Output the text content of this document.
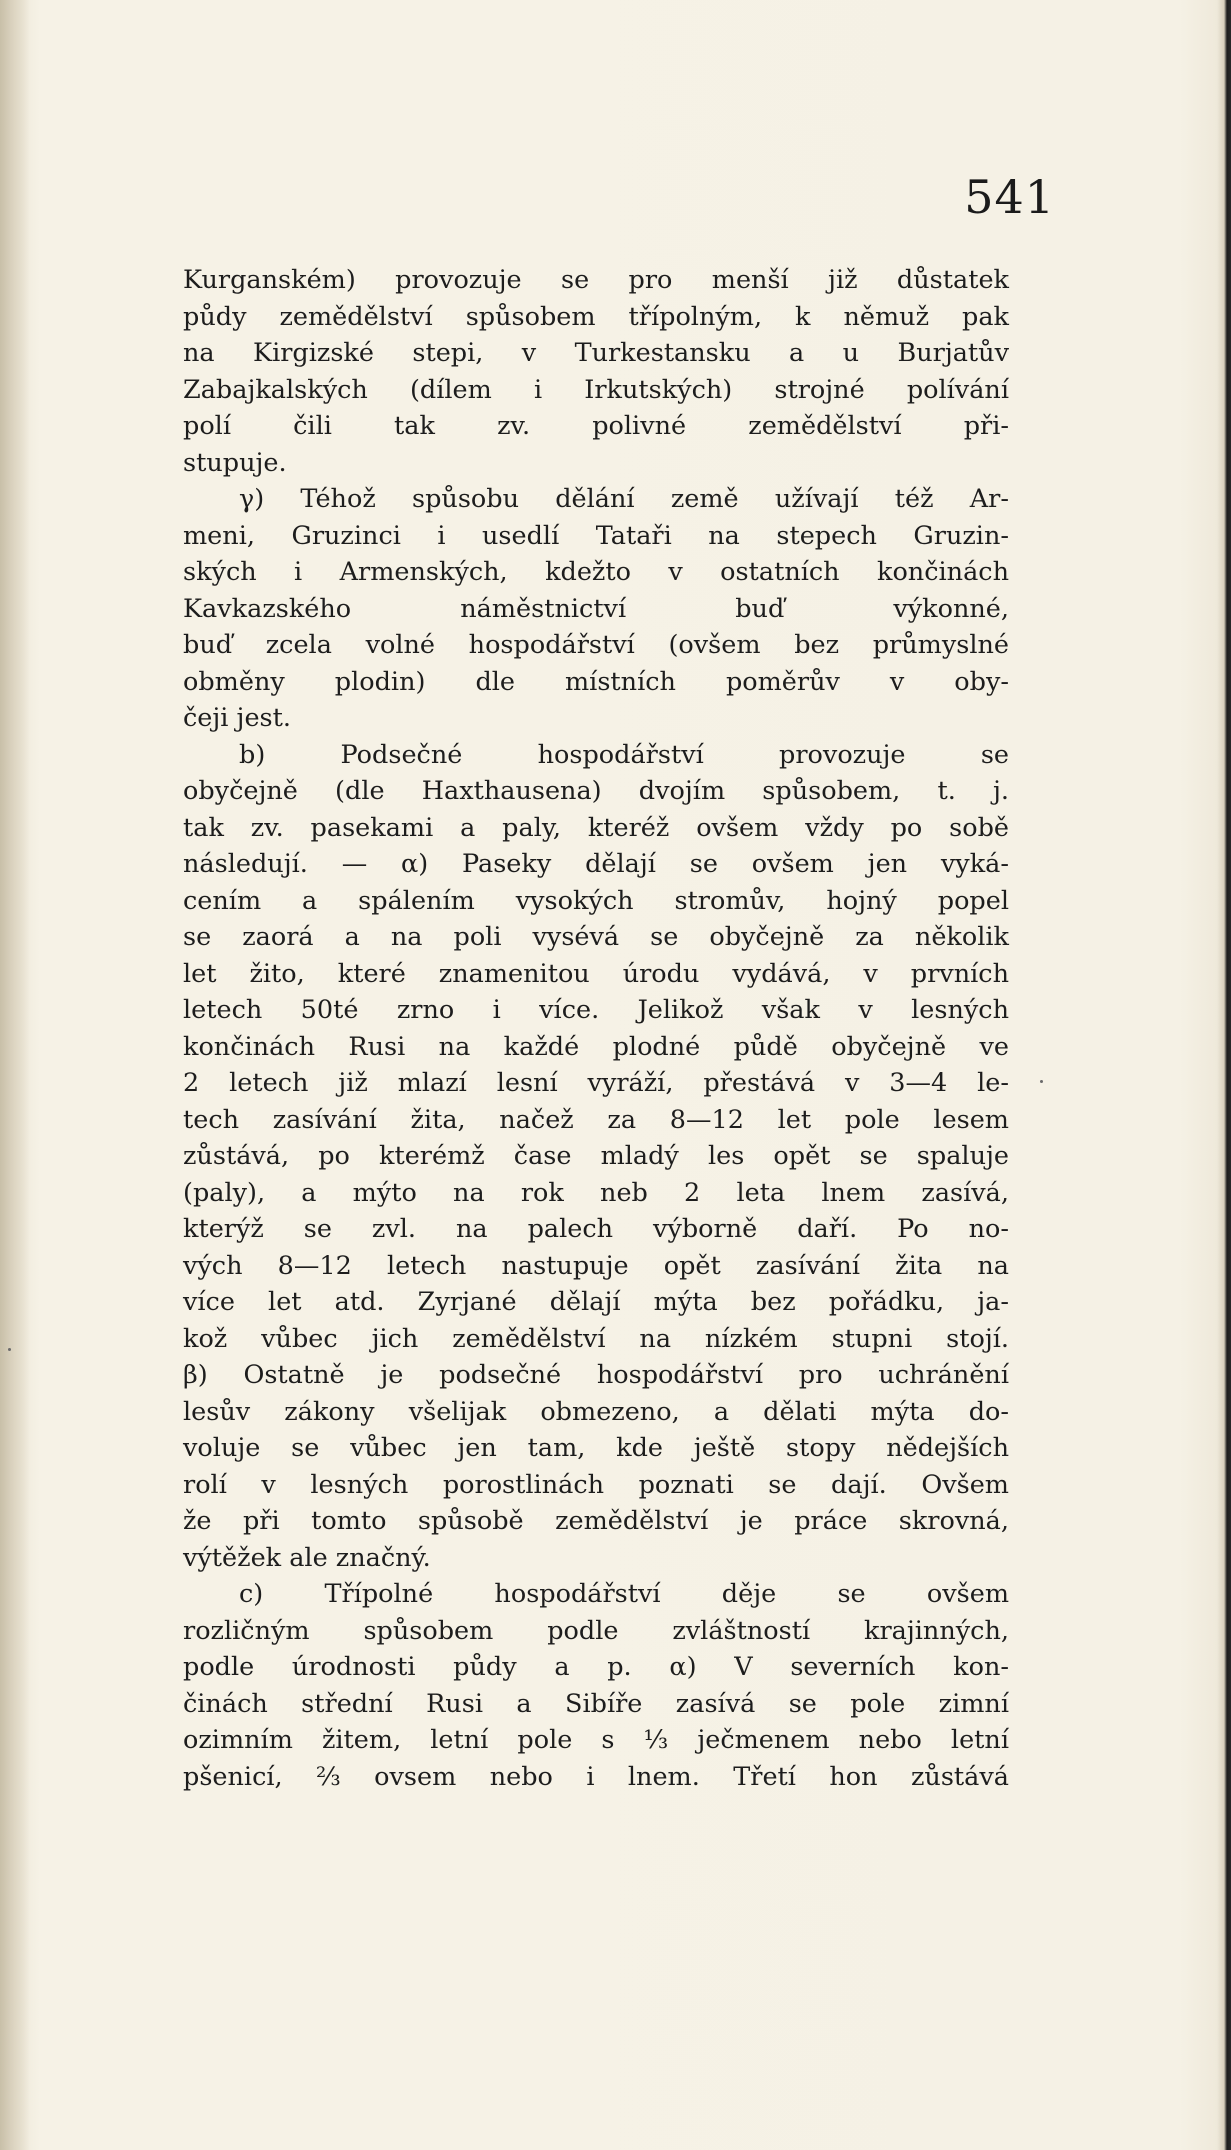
541
Kurganském) provozuje se pro menší již důstatek
půdy zemědělství spůsobem třípolným, k němuž pak
na Kirgizské stepi, v Turkestansku a u Burjatův
Zabajkalských (dílem i Irkutských) strojné polívání
polí čili tak zv. polivné zemědělství při-
stupuje.
γ) Téhož spůsobu dělání země užívají též Ar-
meni, Gruzinci i usedlí Tataři na stepech Gruzin-
ských i Armenských, kdežto v ostatních končinách
Kavkazského náměstnictví buď výkonné,
buď zcela volné hospodářství (ovšem bez průmyslné
obměny plodin) dle místních poměrův v oby-
čeji jest.
b) Podsečné hospodářství provozuje se
obyčejně (dle Haxthausena) dvojím spůsobem, t. j.
tak zv. pasekami a paly, kteréž ovšem vždy po sobě
následují. — α) Paseky dělají se ovšem jen vyká-
cením a spálením vysokých stromův, hojný popel
se zaorá a na poli vysévá se obyčejně za několik
let žito, které znamenitou úrodu vydává, v prvních
letech 50té zrno i více. Jelikož však v lesných
končinách Rusi na každé plodné půdě obyčejně ve
2 letech již mlazí lesní vyráží, přestává v 3—4 le-
tech zasívání žita, načež za 8—12 let pole lesem
zůstává, po kterémž čase mladý les opět se spaluje
(paly), a mýto na rok neb 2 leta lnem zasívá,
kterýž se zvl. na palech výborně daří. Po no-
vých 8—12 letech nastupuje opět zasívání žita na
více let atd. Zyrjané dělají mýta bez pořádku, ja-
kož vůbec jich zemědělství na nízkém stupni stojí.
β) Ostatně je podsečné hospodářství pro uchránění
lesův zákony všelijak obmezeno, a dělati mýta do-
voluje se vůbec jen tam, kde ještě stopy nědejších
rolí v lesných porostlinách poznati se dají. Ovšem
že při tomto spůsobě zemědělství je práce skrovná,
výtěžek ale značný.
c) Třípolné hospodářství děje se ovšem
rozličným spůsobem podle zvláštností krajinných,
podle úrodnosti půdy a p. α) V severních kon-
činách střední Rusi a Sibíře zasívá se pole zimní
ozimním žitem, letní pole s ⅓ ječmenem nebo letní
pšenicí, ⅔ ovsem nebo i lnem. Třetí hon zůstává
